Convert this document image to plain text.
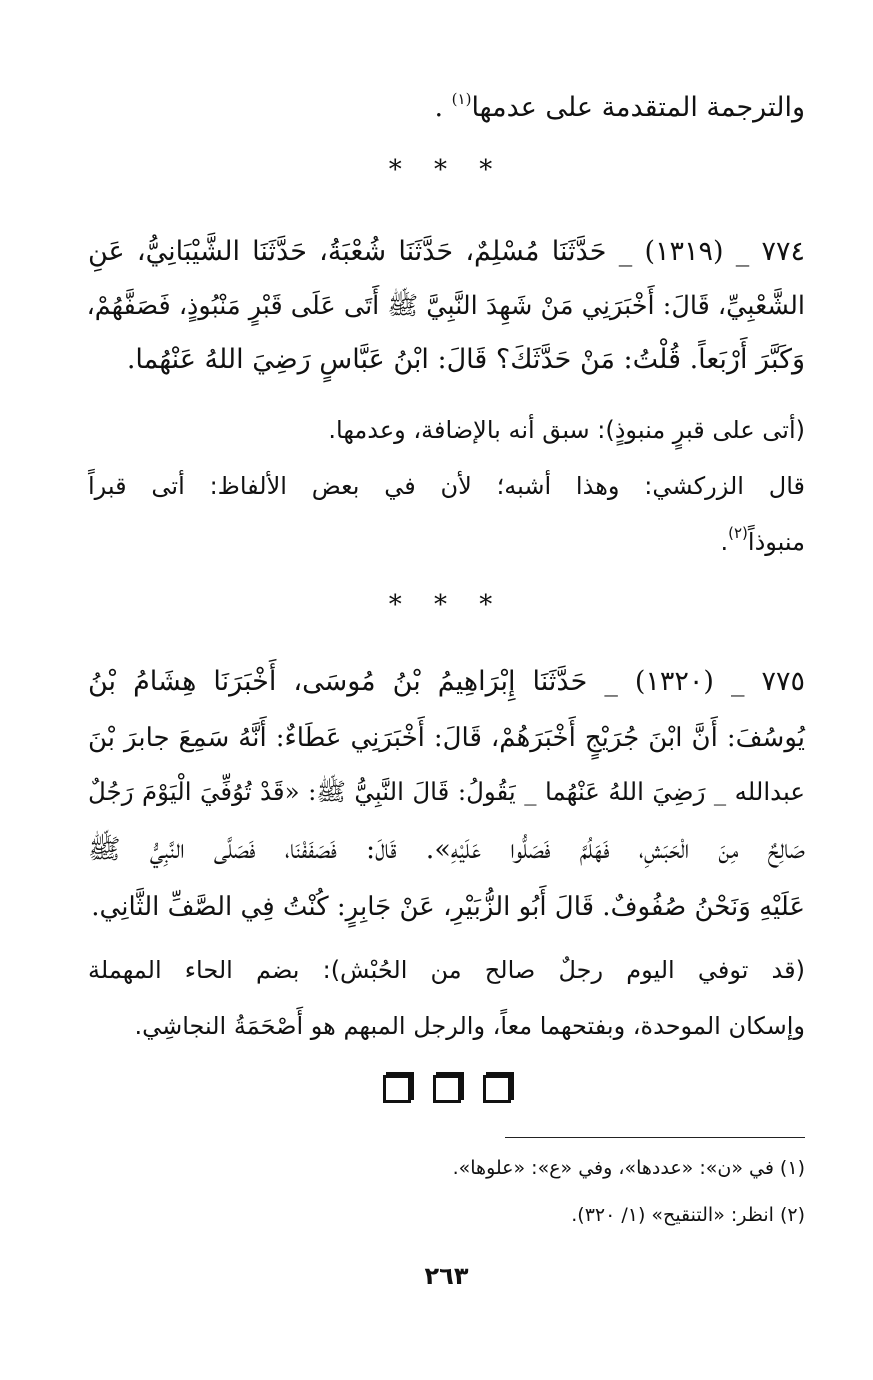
والترجمة المتقدمة على عدمها$^{(١)}$ .
* * *
٧٧٤ _ (١٣١٩) _ حَدَّثَنَا مُسْلِمٌ، حَدَّثَنَا شُعْبَةُ، حَدَّثَنَا الشَّيْبَانِيُّ، عَنِ
الشَّعْبِيِّ، قَالَ: أَخْبَرَنِي مَنْ شَهِدَ النَّبِيَّ ﷺ أَتَى عَلَى قَبْرٍ مَنْبُوذٍ، فَصَفَّهُمْ،
وَكَبَّرَ أَرْبَعاً. قُلْتُ: مَنْ حَدَّثَكَ؟ قَالَ: ابْنُ عَبَّاسٍ رَضِيَ اللهُ عَنْهُما.
(أتى على قبرٍ منبوذٍ): سبق أنه بالإضافة، وعدمها.
قال الزركشي: وهذا أشبه؛ لأن في بعض الألفاظ: أتى قبراً
منبوذاً$^{(٢)}$.
* * *
٧٧٥ _ (١٣٢٠) _ حَدَّثَنَا إِبْرَاهِيمُ بْنُ مُوسَى، أَخْبَرَنَا هِشَامُ بْنُ
يُوسُفَ: أَنَّ ابْنَ جُرَيْجٍ أَخْبَرَهُمْ، قَالَ: أَخْبَرَنِي عَطَاءٌ: أَنَّهُ سَمِعَ جابرَ بْنَ
عبدالله _ رَضِيَ اللهُ عَنْهُما _ يَقُولُ: قَالَ النَّبِيُّ ﷺ: «قَدْ تُوُفِّيَ الْيَوْمَ رَجُلٌ
صَالِحٌ مِنَ الْحَبَشِ، فَهَلُمَّ فَصَلُّوا عَلَيْهِ». قَالَ: فَصَفَفْنَا، فَصَلَّى النَّبِيُّ ﷺ
عَلَيْهِ وَنَحْنُ صُفُوفٌ. قَالَ أَبُو الزُّبَيْرِ، عَنْ جَابِرٍ: كُنْتُ فِي الصَّفِّ الثَّانِي.
(قد توفي اليوم رجلٌ صالح من الحُبْش): بضم الحاء المهملة
وإسكان الموحدة، وبفتحهما معاً، والرجل المبهم هو أَصْحَمَةُ النجاشِي.
(١) في «ن»: «عددها»، وفي «ع»: «علوها».
(٢) انظر: «التنقيح» (١/ ٣٢٠).
٢٦٣
